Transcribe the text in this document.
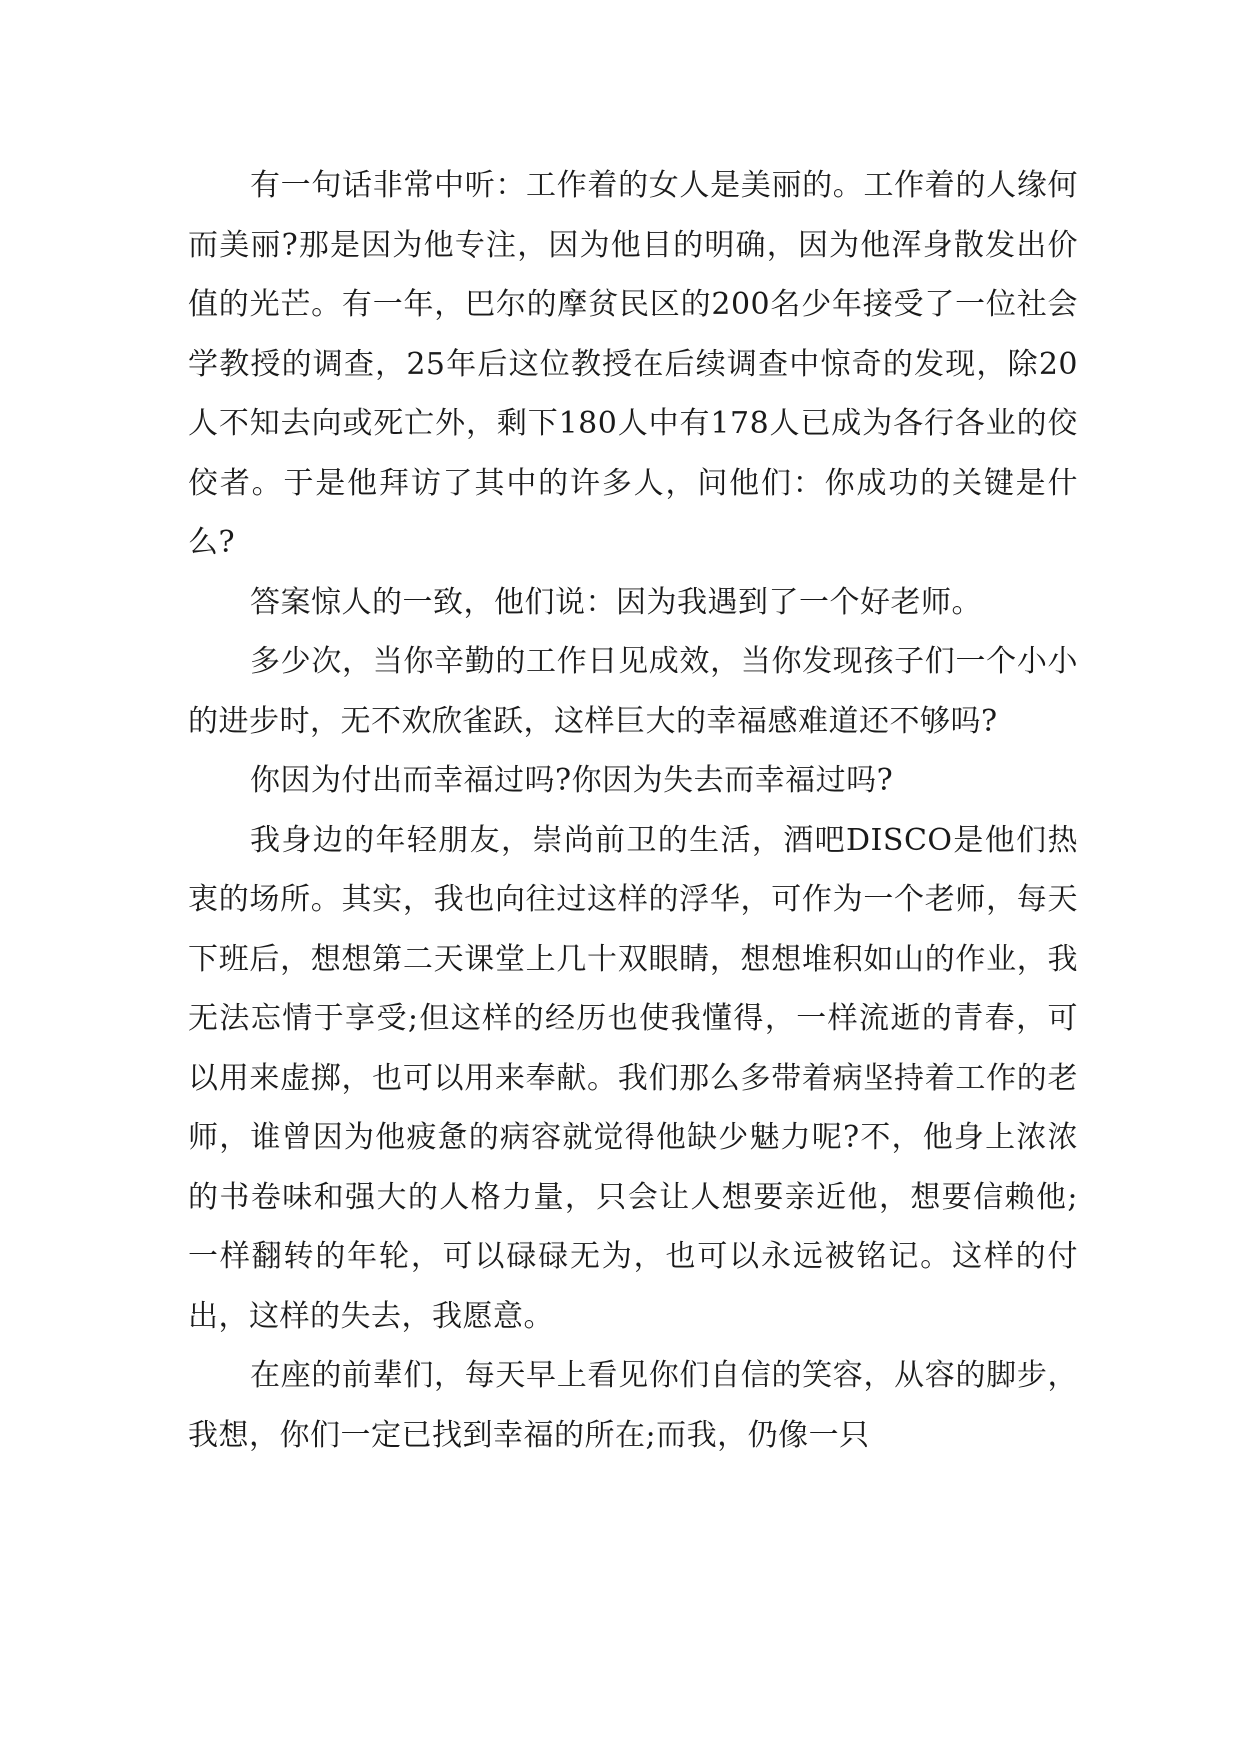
有一句话非常中听：工作着的女人是美丽的。工作着的人缘何而美丽?那是因为他专注，因为他目的明确，因为他浑身散发出价值的光芒。有一年，巴尔的摩贫民区的200名少年接受了一位社会学教授的调查，25年后这位教授在后续调查中惊奇的发现，除20人不知去向或死亡外，剩下180人中有178人已成为各行各业的佼佼者。于是他拜访了其中的许多人，问他们：你成功的关键是什么?

答案惊人的一致，他们说：因为我遇到了一个好老师。

多少次，当你辛勤的工作日见成效，当你发现孩子们一个小小的进步时，无不欢欣雀跃，这样巨大的幸福感难道还不够吗?

你因为付出而幸福过吗?你因为失去而幸福过吗?

我身边的年轻朋友，崇尚前卫的生活，酒吧DISCO是他们热衷的场所。其实，我也向往过这样的浮华，可作为一个老师，每天下班后，想想第二天课堂上几十双眼睛，想想堆积如山的作业，我无法忘情于享受;但这样的经历也使我懂得，一样流逝的青春，可以用来虚掷，也可以用来奉献。我们那么多带着病坚持着工作的老师，谁曾因为他疲惫的病容就觉得他缺少魅力呢?不，他身上浓浓的书卷味和强大的人格力量，只会让人想要亲近他，想要信赖他;一样翻转的年轮，可以碌碌无为，也可以永远被铭记。这样的付出，这样的失去，我愿意。

在座的前辈们，每天早上看见你们自信的笑容，从容的脚步，我想，你们一定已找到幸福的所在;而我，仍像一只
